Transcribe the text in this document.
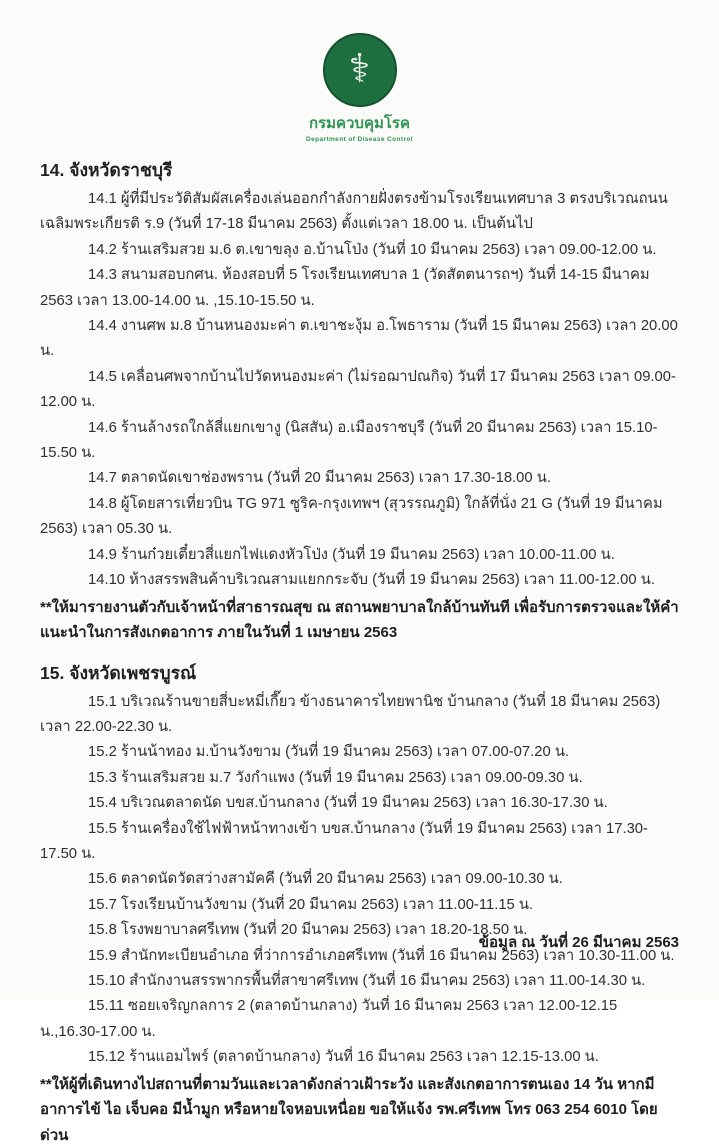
⚕
กรมควบคุมโรค
Department of Disease Control
14. จังหวัดราชบุรี

14.1 ผู้ที่มีประวัติสัมผัสเครื่องเล่นออกกำลังกายฝั่งตรงข้ามโรงเรียนเทศบาล 3 ตรงบริเวณถนนเฉลิมพระเกียรติ ร.9 (วันที่ 17-18 มีนาคม 2563) ตั้งแต่เวลา 18.00 น. เป็นต้นไป

14.2 ร้านเสริมสวย ม.6 ต.เขาขลุง อ.บ้านโป่ง (วันที่ 10 มีนาคม 2563) เวลา 09.00-12.00 น.

14.3 สนามสอบกศน. ห้องสอบที่ 5 โรงเรียนเทศบาล 1 (วัดสัตตนารถฯ) วันที่ 14-15 มีนาคม 2563 เวลา 13.00-14.00 น. ,15.10-15.50 น.

14.4 งานศพ ม.8 บ้านหนองมะค่า ต.เขาชะงุ้ม อ.โพธาราม (วันที่ 15 มีนาคม 2563) เวลา 20.00 น.

14.5 เคลื่อนศพจากบ้านไปวัดหนองมะค่า (ไม่รอฌาปณกิจ) วันที่ 17 มีนาคม 2563 เวลา 09.00-12.00 น.

14.6 ร้านล้างรถใกล้สี่แยกเขางู (นิสสัน) อ.เมืองราชบุรี (วันที่ 20 มีนาคม 2563) เวลา 15.10-15.50 น.

14.7 ตลาดนัดเขาช่องพราน (วันที่ 20 มีนาคม 2563) เวลา 17.30-18.00 น.

14.8 ผู้โดยสารเที่ยวบิน TG 971 ซูริค-กรุงเทพฯ (สุวรรณภูมิ) ใกล้ที่นั่ง 21 G (วันที่ 19 มีนาคม 2563) เวลา 05.30 น.

14.9 ร้านก๋วยเตี๋ยวสี่แยกไฟแดงหัวโป่ง (วันที่ 19 มีนาคม 2563) เวลา 10.00-11.00 น.

14.10 ห้างสรรพสินค้าบริเวณสามแยกกระจับ (วันที่ 19 มีนาคม 2563) เวลา 11.00-12.00 น.

**ให้มารายงานตัวกับเจ้าหน้าที่สาธารณสุข ณ สถานพยาบาลใกล้บ้านทันที เพื่อรับการตรวจและให้คำแนะนำในการสังเกตอาการ ภายในวันที่ 1 เมษายน 2563

15. จังหวัดเพชรบูรณ์

15.1 บริเวณร้านขายสี่บะหมี่เกี๊ยว ข้างธนาคารไทยพานิช บ้านกลาง (วันที่ 18 มีนาคม 2563) เวลา 22.00-22.30 น.

15.2 ร้านน้าทอง ม.บ้านวังขาม (วันที่ 19 มีนาคม 2563) เวลา 07.00-07.20 น.

15.3 ร้านเสริมสวย ม.7 วังกำแพง (วันที่ 19 มีนาคม 2563) เวลา 09.00-09.30 น.

15.4 บริเวณตลาดนัด บขส.บ้านกลาง (วันที่ 19 มีนาคม 2563) เวลา 16.30-17.30 น.

15.5 ร้านเครื่องใช้ไฟฟ้าหน้าทางเข้า บขส.บ้านกลาง (วันที่ 19 มีนาคม 2563) เวลา 17.30-17.50 น.

15.6 ตลาดนัดวัดสว่างสามัคคี (วันที่ 20 มีนาคม 2563) เวลา 09.00-10.30 น.

15.7 โรงเรียนบ้านวังขาม (วันที่ 20 มีนาคม 2563) เวลา 11.00-11.15 น.

15.8 โรงพยาบาลศรีเทพ (วันที่ 20 มีนาคม 2563) เวลา 18.20-18.50 น.

15.9 สำนักทะเบียนอำเภอ ที่ว่าการอำเภอศรีเทพ (วันที่ 16 มีนาคม 2563) เวลา 10.30-11.00 น.

15.10 สำนักงานสรรพากรพื้นที่สาขาศรีเทพ (วันที่ 16 มีนาคม 2563) เวลา 11.00-14.30 น.

15.11 ซอยเจริญกลการ 2 (ตลาดบ้านกลาง) วันที่ 16 มีนาคม 2563 เวลา 12.00-12.15 น.,16.30-17.00 น.

15.12 ร้านแอมไพร์ (ตลาดบ้านกลาง) วันที่ 16 มีนาคม 2563 เวลา 12.15-13.00 น.

**ให้ผู้ที่เดินทางไปสถานที่ตามวันและเวลาดังกล่าวเฝ้าระวัง และสังเกตอาการตนเอง 14 วัน หากมีอาการไข้ ไอ เจ็บคอ มีน้ำมูก หรือหายใจหอบเหนื่อย ขอให้แจ้ง รพ.ศรีเทพ โทร 063 254 6010 โดยด่วน

ข้อมูล ณ วันที่ 26 มีนาคม 2563
